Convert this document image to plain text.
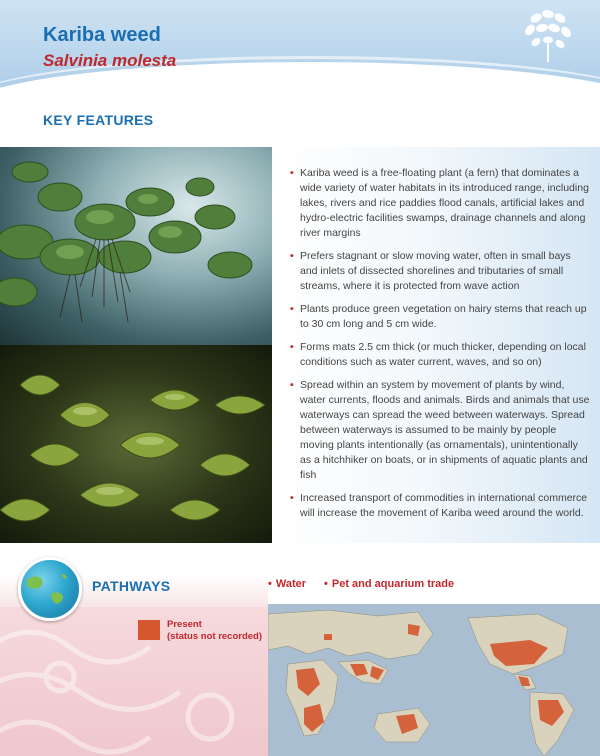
Kariba weed
Salvinia molesta
KEY FEATURES
• Kariba weed is a free-floating plant (a fern) that dominates a wide variety of water habitats in its introduced range, including lakes, rivers and rice paddies flood canals, artificial lakes and hydro-electric facilities swamps, drainage channels and along river margins
• Prefers stagnant or slow moving water, often in small bays and inlets of dissected shorelines and tributaries of small streams, where it is protected from wave action
• Plants produce green vegetation on hairy stems that reach up to 30 cm long and 5 cm wide.
• Forms mats 2.5 cm thick (or much thicker, depending on local conditions such as water current, waves, and so on)
• Spread within an system by movement of plants by wind, water currents, floods and animals. Birds and animals that use waterways can spread the weed between waterways. Spread between waterways is assumed to be mainly by people moving plants intentionally (as ornamentals), unintentionally as a hitchhiker on boats, or in shipments of aquatic plants and fish
• Increased transport of commodities in international commerce will increase the movement of Kariba weed around the world.
PATHWAYS	• Water • Pet and aquarium trade
Present
(status not recorded)
